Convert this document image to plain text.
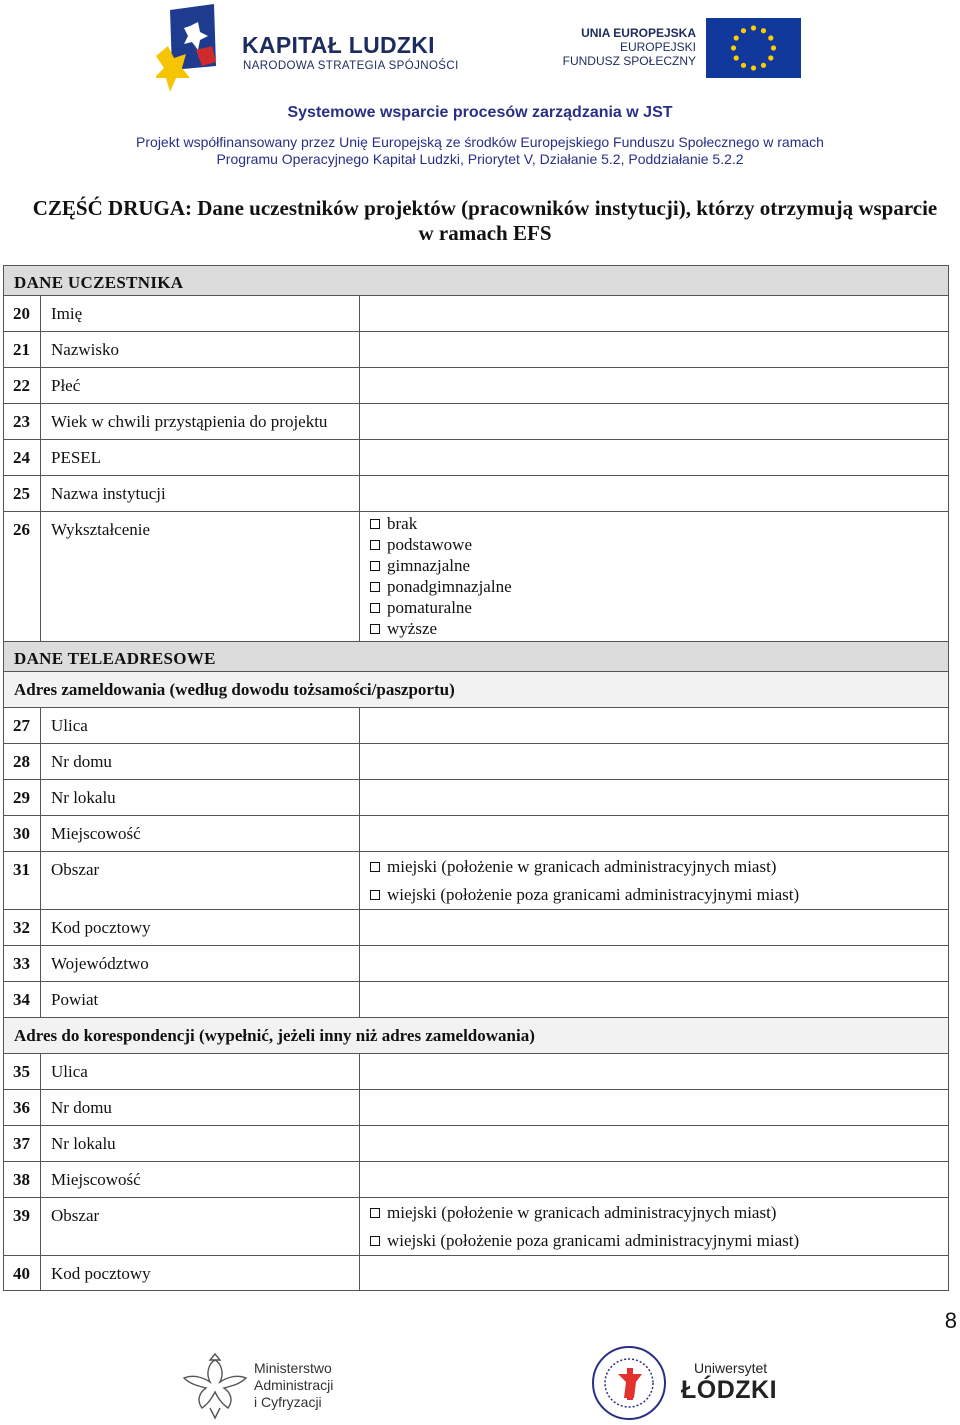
KAPITAŁ LUDZKI
NARODOWA STRATEGIA SPÓJNOŚCI
UNIA EUROPEJSKA
EUROPEJSKI
FUNDUSZ SPOŁECZNY
Systemowe wsparcie procesów zarządzania w JST
Projekt współfinansowany przez Unię Europejską ze środków Europejskiego Funduszu Społecznego w ramach
Programu Operacyjnego Kapitał Ludzki, Priorytet V, Działanie 5.2, Poddziałanie 5.2.2
CZĘŚĆ DRUGA: Dane uczestników projektów (pracowników instytucji), którzy otrzymują wsparcie
w ramach EFS
DANE UCZESTNIKA
20	Imię
21	Nazwisko
22	Płeć
23	Wiek w chwili przystąpienia do projektu
24	PESEL
25	Nazwa instytucji
26	Wykształcenie	brak
podstawowe
gimnazjalne
ponadgimnazjalne
pomaturalne
wyższe
DANE TELEADRESOWE
Adres zameldowania (według dowodu tożsamości/paszportu)
27	Ulica
28	Nr domu
29	Nr lokalu
30	Miejscowość
31	Obszar	miejski (położenie w granicach administracyjnych miast)
wiejski (położenie poza granicami administracyjnymi miast)
32	Kod pocztowy
33	Województwo
34	Powiat
Adres do korespondencji (wypełnić, jeżeli inny niż adres zameldowania)
35	Ulica
36	Nr domu
37	Nr lokalu
38	Miejscowość
39	Obszar	miejski (położenie w granicach administracyjnych miast)
wiejski (położenie poza granicami administracyjnymi miast)
40	Kod pocztowy
8
Ministerstwo
Administracji
i Cyfryzacji
Uniwersytet
ŁÓDZKI
